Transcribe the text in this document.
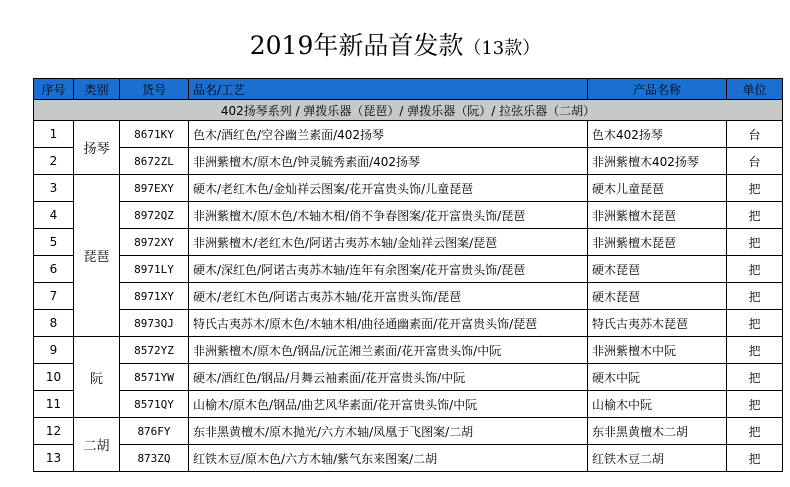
2019年新品首发款（13款）
序号	类别	货号	品名/工艺	产品名称	单位
402扬琴系列 / 弹拨乐器（琵琶）/ 弹拨乐器（阮）/ 拉弦乐器（二胡）					
1	扬琴	8671KY	色木/酒红色/空谷幽兰素面/402扬琴	色木402扬琴	台
2		8672ZL	非洲紫檀木/原木色/钟灵毓秀素面/402扬琴	非洲紫檀木402扬琴	台
3	琵琶	897EXY	硬木/老红木色/金灿祥云图案/花开富贵头饰/儿童琵琶	硬木儿童琵琶	把
4		8972QZ	非洲紫檀木/原木色/木轴木相/俏不争春图案/花开富贵头饰/琵琶	非洲紫檀木琵琶	把
5		8972XY	非洲紫檀木/老红木色/阿诺古夷苏木轴/金灿祥云图案/琵琶	非洲紫檀木琵琶	把
6		8971LY	硬木/深红色/阿诺古夷苏木轴/连年有余图案/花开富贵头饰/琵琶	硬木琵琶	把
7		8971XY	硬木/老红木色/阿诺古夷苏木轴/花开富贵头饰/琵琶	硬木琵琶	把
8		8973QJ	特氏古夷苏木/原木色/木轴木相/曲径通幽素面/花开富贵头饰/琵琶	特氏古夷苏木琵琶	把
9	阮	8572YZ	非洲紫檀木/原木色/钢品/沅芷湘兰素面/花开富贵头饰/中阮	非洲紫檀木中阮	把
10		8571YW	硬木/酒红色/钢品/月舞云袖素面/花开富贵头饰/中阮	硬木中阮	把
11		8571QY	山榆木/原木色/钢品/曲艺风华素面/花开富贵头饰/中阮	山榆木中阮	把
12	二胡	876FY	东非黑黄檀木/原木抛光/六方木轴/凤凰于飞图案/二胡	东非黑黄檀木二胡	把
13		873ZQ	红铁木豆/原木色/六方木轴/紫气东来图案/二胡	红铁木豆二胡	把
